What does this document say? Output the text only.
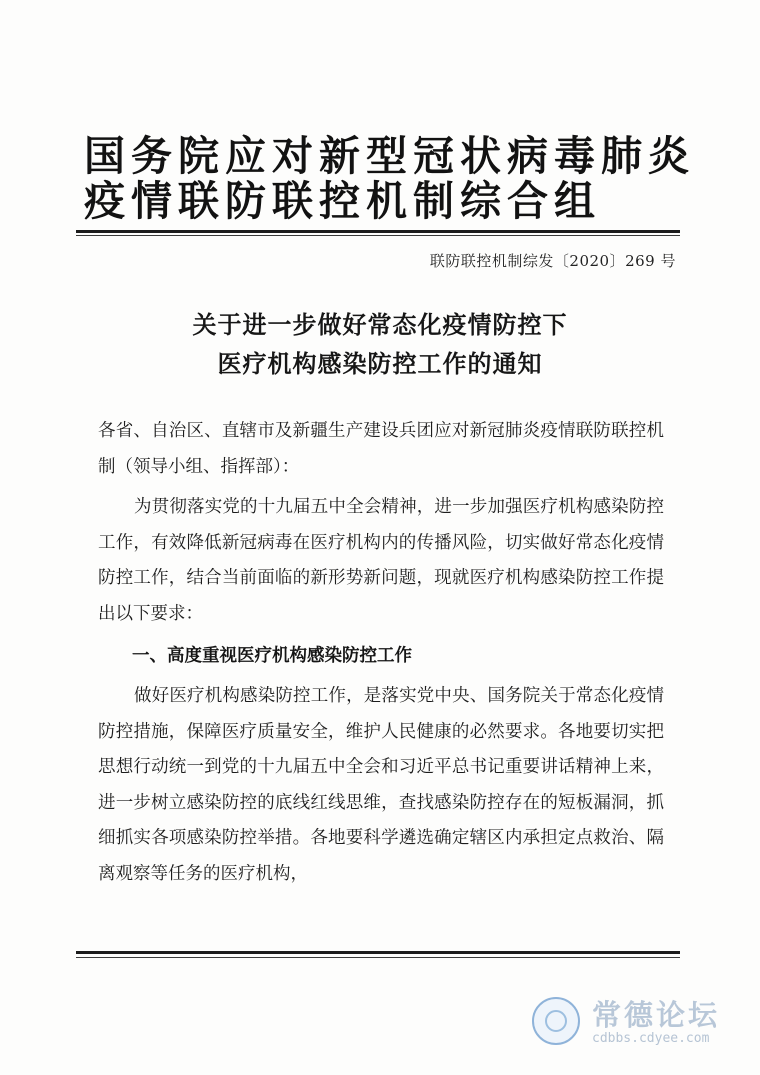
国务院应对新型冠状病毒肺炎
疫情联防联控机制综合组
联防联控机制综发〔2020〕269 号
关于进一步做好常态化疫情防控下
医疗机构感染防控工作的通知

各省、自治区、直辖市及新疆生产建设兵团应对新冠肺炎疫情联防联控机制（领导小组、指挥部）：

为贯彻落实党的十九届五中全会精神，进一步加强医疗机构感染防控工作，有效降低新冠病毒在医疗机构内的传播风险，切实做好常态化疫情防控工作，结合当前面临的新形势新问题，现就医疗机构感染防控工作提出以下要求：

一、高度重视医疗机构感染防控工作

做好医疗机构感染防控工作，是落实党中央、国务院关于常态化疫情防控措施，保障医疗质量安全，维护人民健康的必然要求。各地要切实把思想行动统一到党的十九届五中全会和习近平总书记重要讲话精神上来，进一步树立感染防控的底线红线思维，查找感染防控存在的短板漏洞，抓细抓实各项感染防控举措。各地要科学遴选确定辖区内承担定点救治、隔离观察等任务的医疗机构，

常德论坛
cdbbs.cdyee.com
